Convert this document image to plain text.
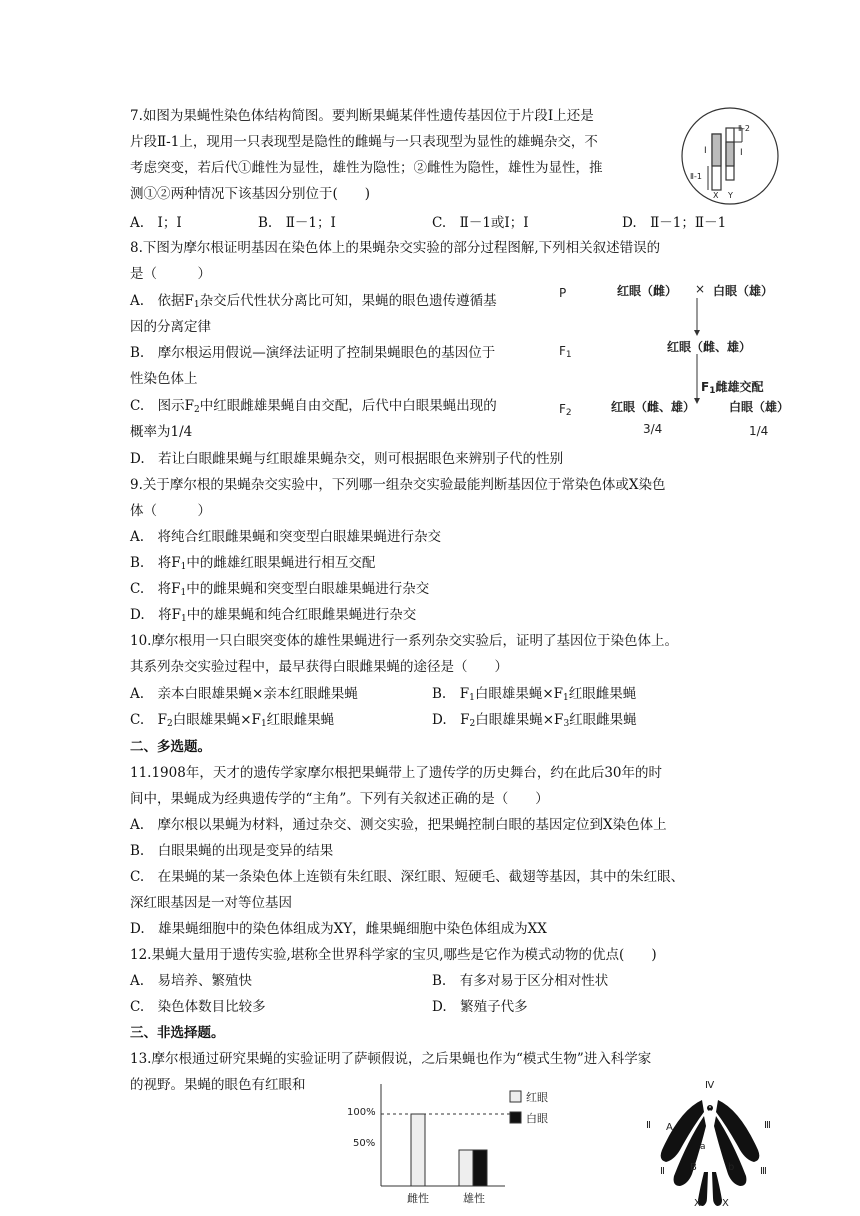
7.如图为果蝇性染色体结构简图。要判断果蝇某伴性遗传基因位于片段Ⅰ上还是
片段Ⅱ-1上，现用一只表现型是隐性的雌蝇与一只表现型为显性的雄蝇杂交，不
考虑突变，若后代①雌性为显性，雄性为隐性；②雌性为隐性，雄性为显性，推
测①②两种情况下该基因分别位于(　　)
A.　Ⅰ；Ⅰ	B.　Ⅱ－1；Ⅰ	C.　Ⅱ－1或Ⅰ；Ⅰ	D.　Ⅱ－1；Ⅱ－1
Ⅱ-2
Ⅰ	Ⅰ
Ⅱ-1
X Y
8.下图为摩尔根证明基因在染色体上的果蝇杂交实验的部分过程图解,下列相关叙述错误的
是（　　　）
A.　依据$F_1$杂交后代性状分离比可知，果蝇的眼色遗传遵循基
因的分离定律
B.　摩尔根运用假说—演绎法证明了控制果蝇眼色的基因位于
性染色体上
C.　图示$F_2$中红眼雌雄果蝇自由交配，后代中白眼果蝇出现的
概率为1/4
D.　若让白眼雌果蝇与红眼雄果蝇杂交，则可根据眼色来辨别子代的性别
P	红眼（雌） × 白眼（雄）
$F_1$
红眼（雌、雄）
$F_1$雌雄交配
$F_2$	红眼（雌、雄）	白眼（雄）
3/4	1/4
9.关于摩尔根的果蝇杂交实验中，下列哪一组杂交实验最能判断基因位于常染色体或X染色
体（　　　）
A.　将纯合红眼雌果蝇和突变型白眼雄果蝇进行杂交
B.　将$F_1$中的雌雄红眼果蝇进行相互交配
C.　将$F_1$中的雌果蝇和突变型白眼雄果蝇进行杂交
D.　将$F_1$中的雄果蝇和纯合红眼雌果蝇进行杂交
10.摩尔根用一只白眼突变体的雄性果蝇进行一系列杂交实验后，证明了基因位于染色体上。
其系列杂交实验过程中，最早获得白眼雌果蝇的途径是（　　）
A.　亲本白眼雄果蝇×亲本红眼雌果蝇	B.　$F_1$白眼雄果蝇$\times F_1$红眼雌果蝇
C.　$F_2$白眼雄果蝇$\times F_1$红眼雌果蝇	D.　$F_2$白眼雄果蝇$\times F_3$红眼雌果蝇
二、多选题。
11.1908年，天才的遗传学家摩尔根把果蝇带上了遗传学的历史舞台，约在此后30年的时
间中，果蝇成为经典遗传学的“主角”。下列有关叙述正确的是（　　）
A.　摩尔根以果蝇为材料，通过杂交、测交实验，把果蝇控制白眼的基因定位到X染色体上
B.　白眼果蝇的出现是变异的结果
C.　在果蝇的某一条染色体上连锁有朱红眼、深红眼、短硬毛、截翅等基因，其中的朱红眼、
深红眼基因是一对等位基因
D.　雄果蝇细胞中的染色体组成为XY，雌果蝇细胞中染色体组成为XX
12.果蝇大量用于遗传实验,堪称全世界科学家的宝贝,哪些是它作为模式动物的优点(　　)
A.　易培养、繁殖快	B.　有多对易于区分相对性状
C.　染色体数目比较多	D.　繁殖子代多
三、非选择题。
13.摩尔根通过研究果蝇的实验证明了萨顿假说，之后果蝇也作为“模式生物”进入科学家
的视野。果蝇的眼色有红眼和
100%
50%
红眼
白眼
雌性	雄性
Ⅳ
Ⅱ	Ⅲ
A
a
Ⅱ	Ⅲ
B	b
X X
